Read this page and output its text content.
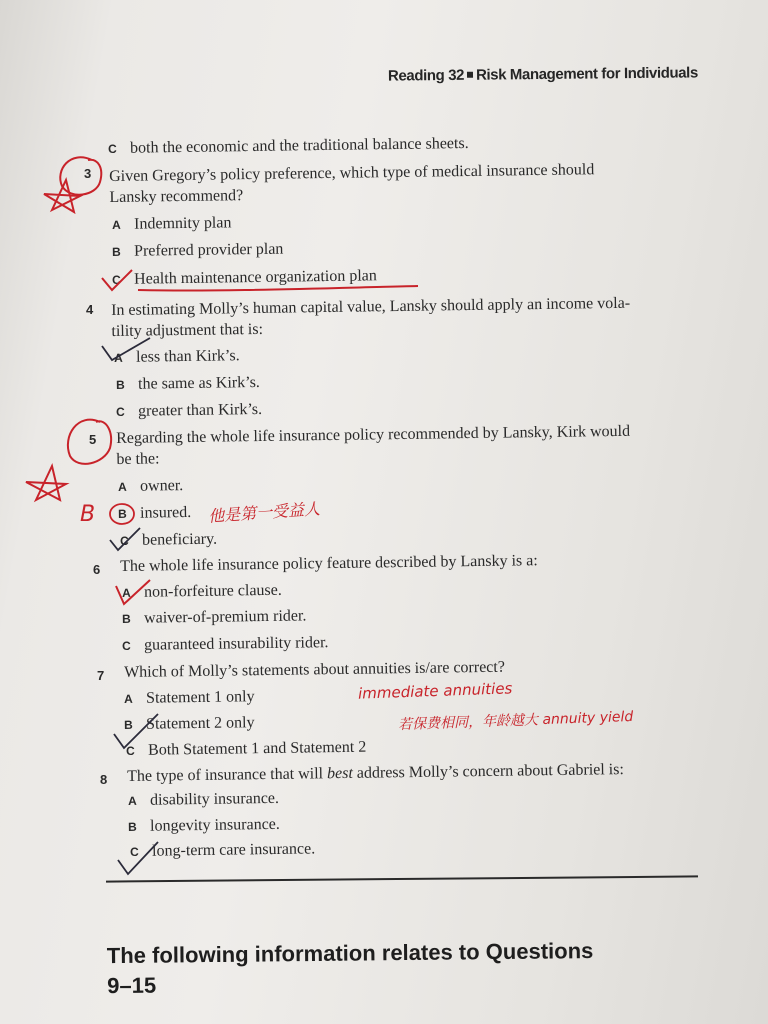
Reading 32 Risk Management for Individuals
C both the economic and the traditional balance sheets.
3 Given Gregory’s policy preference, which type of medical insurance should
Lansky recommend?
A Indemnity plan
B Preferred provider plan
C Health maintenance organization plan
4 In estimating Molly’s human capital value, Lansky should apply an income vola-
tility adjustment that is:
A less than Kirk’s.
B the same as Kirk’s.
C greater than Kirk’s.
5 Regarding the whole life insurance policy recommended by Lansky, Kirk would
be the:
A owner.
B insured.
C beneficiary.
6 The whole life insurance policy feature described by Lansky is a:
A non-forfeiture clause.
B waiver-of-premium rider.
C guaranteed insurability rider.
7 Which of Molly’s statements about annuities is/are correct?
A Statement 1 only
B Statement 2 only
C Both Statement 1 and Statement 2
8 The type of insurance that will best address Molly’s concern about Gabriel is:
A disability insurance.
B longevity insurance.
C long-term care insurance.
The following information relates to Questions
9–15
B	他是第一受益人
immediate annuities
若保费相同，年龄越大 annuity yield
